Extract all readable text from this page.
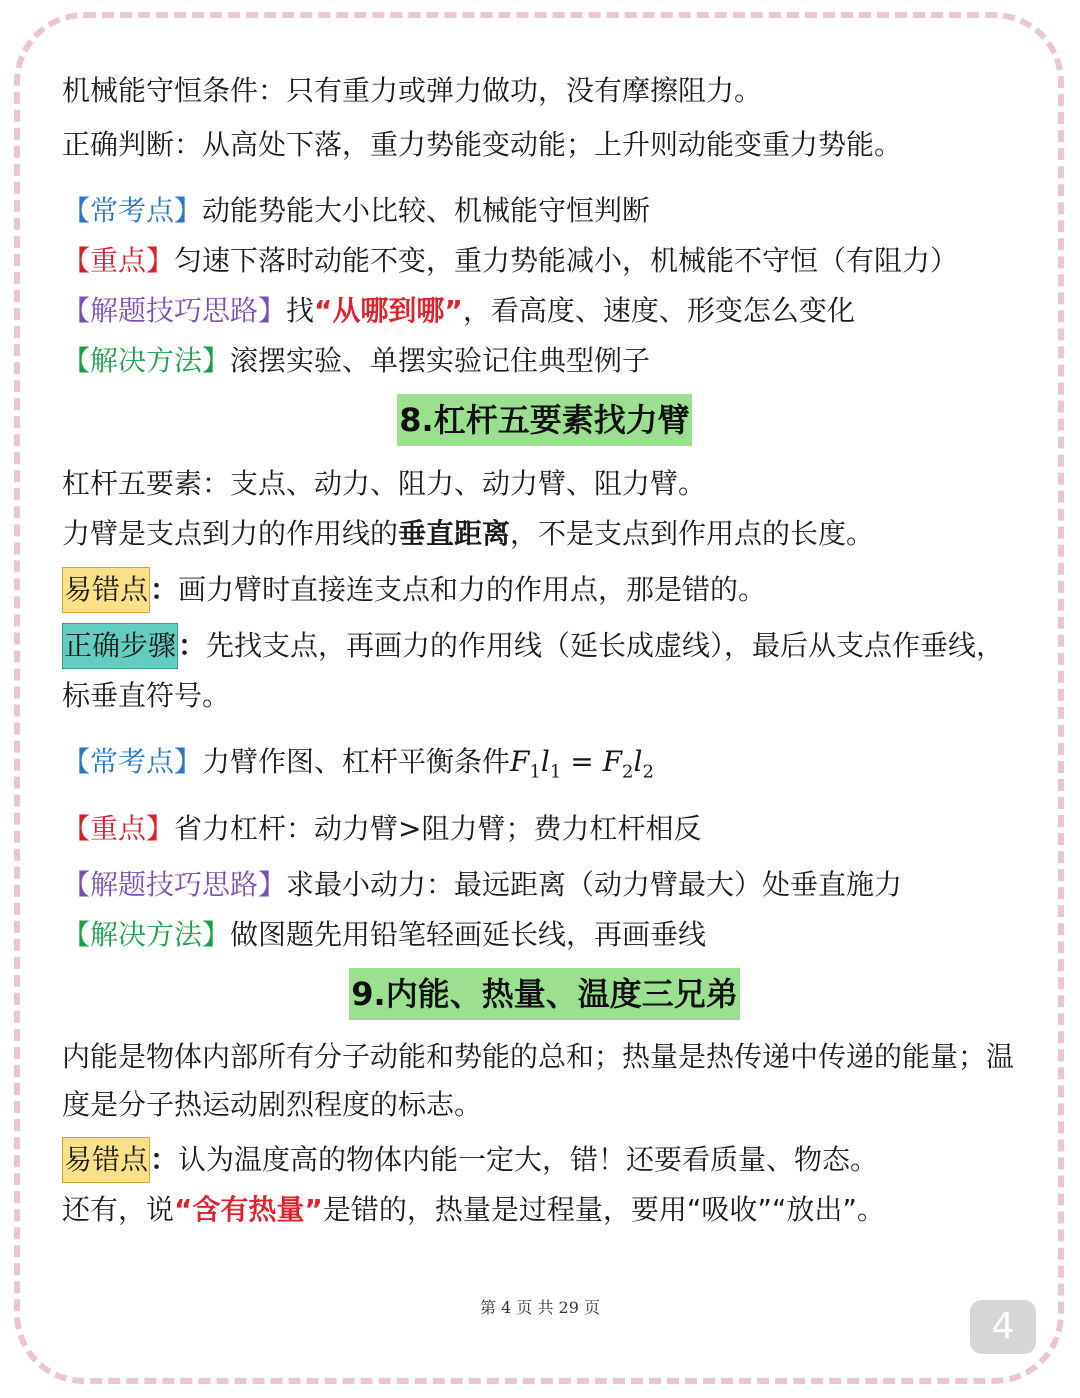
机械能守恒条件：只有重力或弹力做功，没有摩擦阻力。
正确判断：从高处下落，重力势能变动能；上升则动能变重力势能。
【常考点】动能势能大小比较、机械能守恒判断
【重点】匀速下落时动能不变，重力势能减小，机械能不守恒（有阻力）
【解题技巧思路】找“从哪到哪”，看高度、速度、形变怎么变化
【解决方法】滚摆实验、单摆实验记住典型例子
8.杠杆五要素找力臂
杠杆五要素：支点、动力、阻力、动力臂、阻力臂。
力臂是支点到力的作用线的垂直距离，不是支点到作用点的长度。
易错点：画力臂时直接连支点和力的作用点，那是错的。
正确步骤：先找支点，再画力的作用线（延长成虚线），最后从支点作垂线，标垂直符号。
【常考点】力臂作图、杠杆平衡条件$F_1l_1 = F_2l_2$
【重点】省力杠杆：动力臂>阻力臂；费力杠杆相反
【解题技巧思路】求最小动力：最远距离（动力臂最大）处垂直施力
【解决方法】做图题先用铅笔轻画延长线，再画垂线
9.内能、热量、温度三兄弟
内能是物体内部所有分子动能和势能的总和；热量是热传递中传递的能量；温度是分子热运动剧烈程度的标志。
易错点：认为温度高的物体内能一定大，错！还要看质量、物态。
还有，说“含有热量”是错的，热量是过程量，要用“吸收”“放出”。
第 4 页 共 29 页	4
